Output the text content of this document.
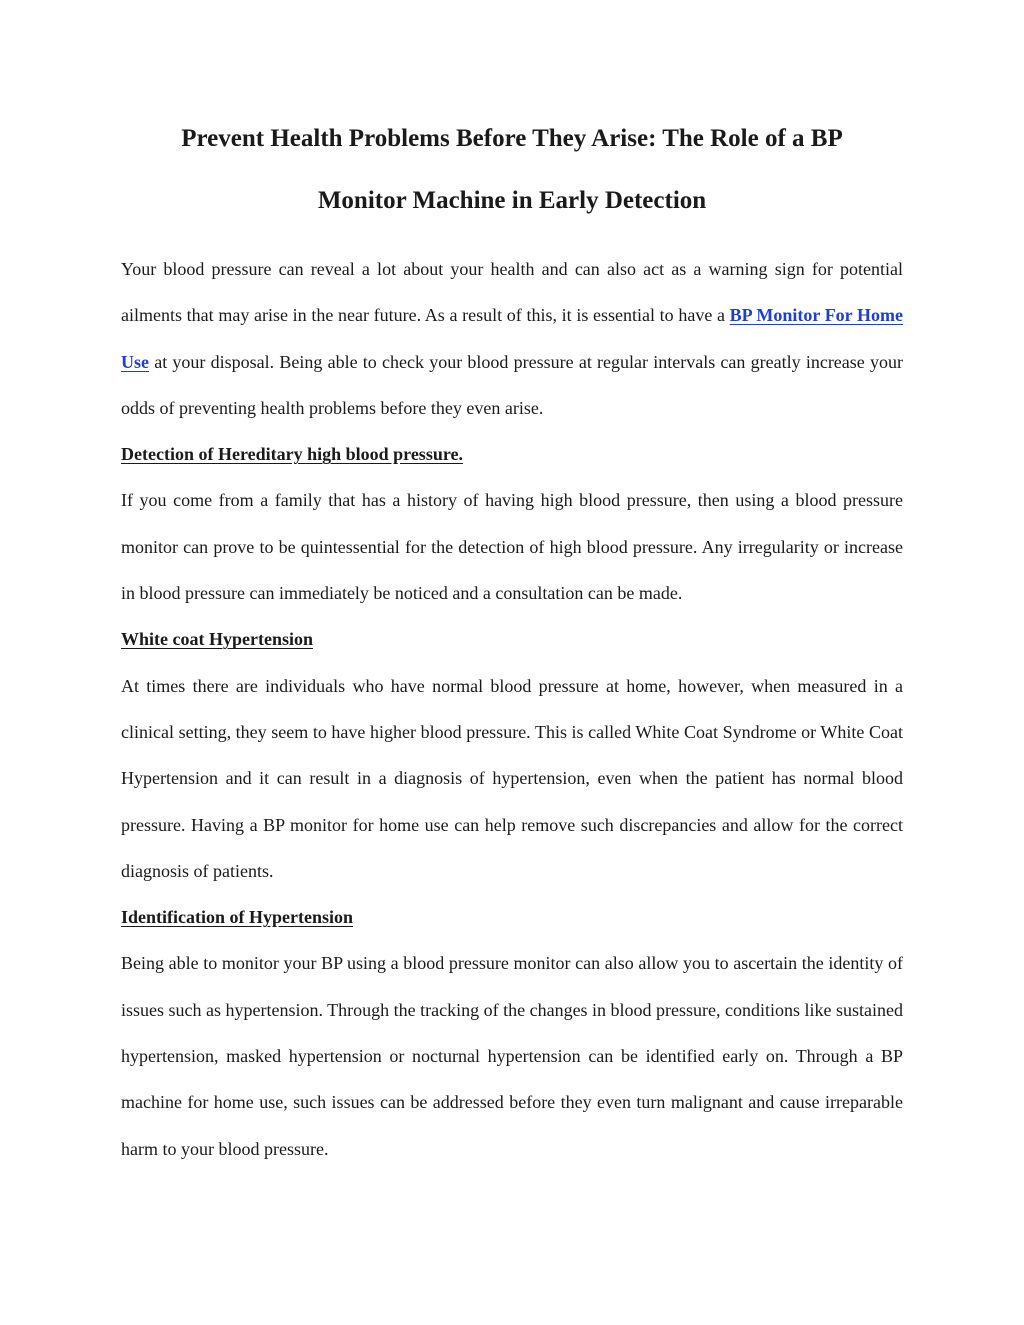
Prevent Health Problems Before They Arise: The Role of a BP
Monitor Machine in Early Detection

Your blood pressure can reveal a lot about your health and can also act as a warning sign for potential ailments that may arise in the near future. As a result of this, it is essential to have a BP Monitor For Home Use at your disposal. Being able to check your blood pressure at regular intervals can greatly increase your odds of preventing health problems before they even arise.

Detection of Hereditary high blood pressure.

If you come from a family that has a history of having high blood pressure, then using a blood pressure monitor can prove to be quintessential for the detection of high blood pressure. Any irregularity or increase in blood pressure can immediately be noticed and a consultation can be made.

White coat Hypertension

At times there are individuals who have normal blood pressure at home, however, when measured in a clinical setting, they seem to have higher blood pressure. This is called White Coat Syndrome or White Coat Hypertension and it can result in a diagnosis of hypertension, even when the patient has normal blood pressure. Having a BP monitor for home use can help remove such discrepancies and allow for the correct diagnosis of patients.

Identification of Hypertension

Being able to monitor your BP using a blood pressure monitor can also allow you to ascertain the identity of issues such as hypertension. Through the tracking of the changes in blood pressure, conditions like sustained hypertension, masked hypertension or nocturnal hypertension can be identified early on. Through a BP machine for home use, such issues can be addressed before they even turn malignant and cause irreparable harm to your blood pressure.
